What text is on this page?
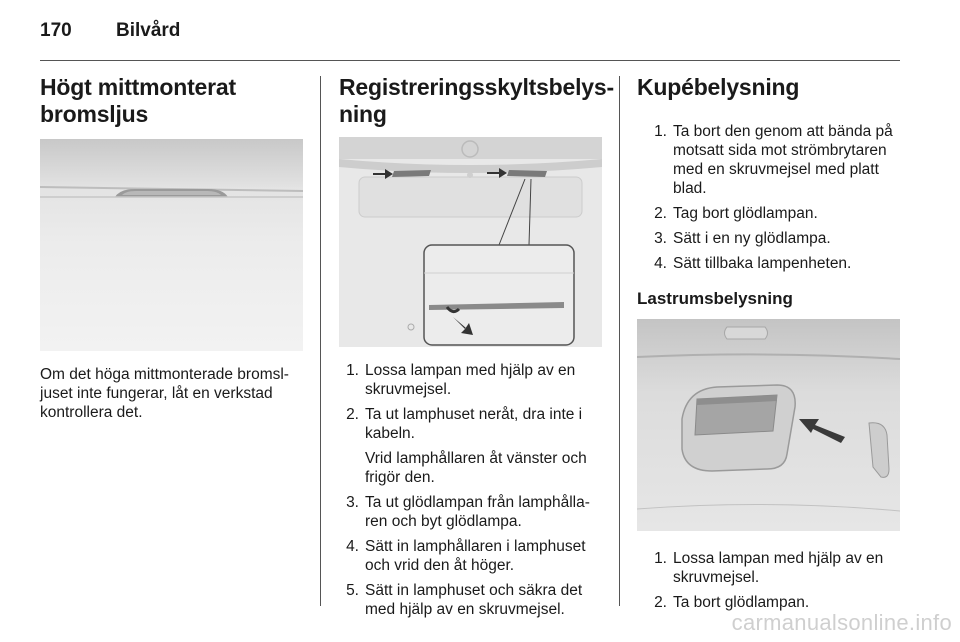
170 Bilvård
Högt mittmonterat
bromsljus

Om det höga mittmonterade bromsl-
juset inte fungerar, låt en verkstad
kontrollera det.

Registreringsskyltsbelys-
ning
1. Lossa lampan med hjälp av en
skruvmejsel.
2. Ta ut lamphuset neråt, dra inte i
kabeln.
Vrid lamphållaren åt vänster och
frigör den.
3. Ta ut glödlampan från lamphålla-
ren och byt glödlampa.
4. Sätt in lamphållaren i lamphuset
och vrid den åt höger.
5. Sätt in lamphuset och säkra det
med hjälp av en skruvmejsel.
Kupébelysning
1. Ta bort den genom att bända på
motsatt sida mot strömbrytaren
med en skruvmejsel med platt
blad.
2. Tag bort glödlampan.
3. Sätt i en ny glödlampa.
4. Sätt tillbaka lampenheten.
Lastrumsbelysning
1. Lossa lampan med hjälp av en
skruvmejsel.
2. Ta bort glödlampan.
carmanualsonline.info
